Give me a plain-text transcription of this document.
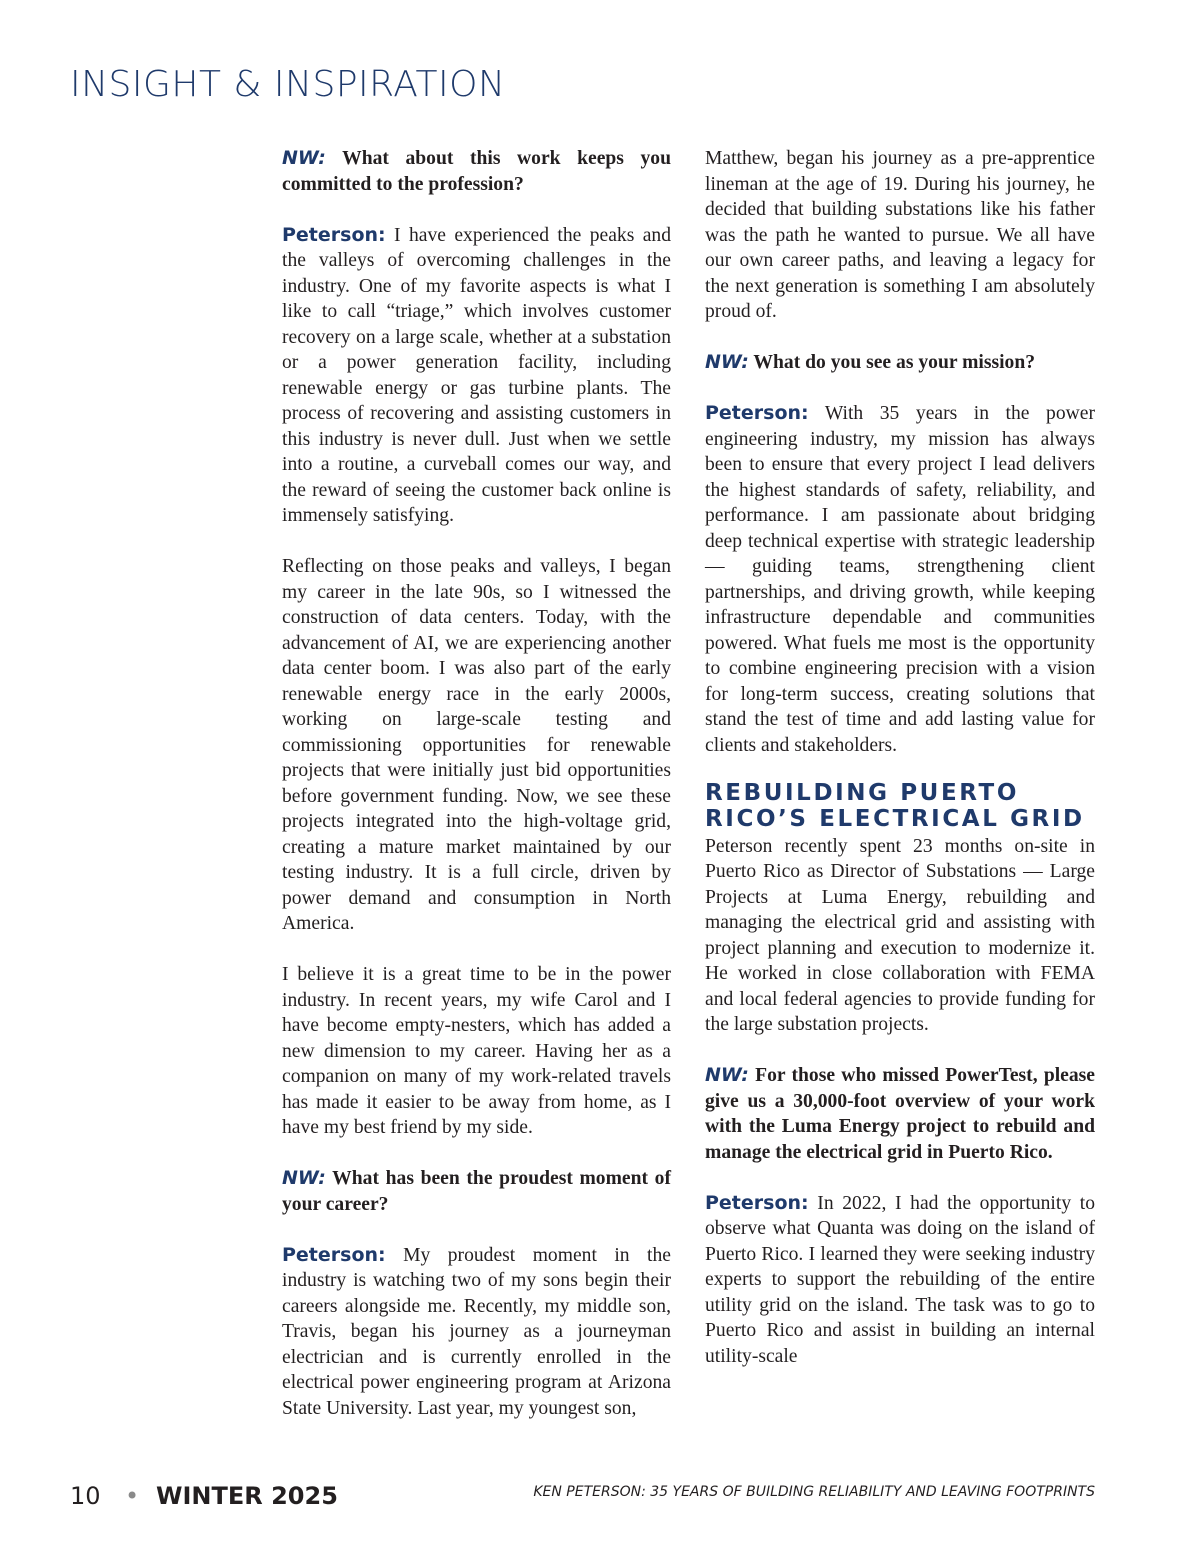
INSIGHT & INSPIRATION

NW: What about this work keeps you committed to the profession?

Peterson: I have experienced the peaks and the valleys of overcoming challenges in the industry. One of my favorite aspects is what I like to call “triage,” which involves customer recovery on a large scale, whether at a substation or a power generation facility, including renewable energy or gas turbine plants. The process of recovering and assisting customers in this industry is never dull. Just when we settle into a routine, a curveball comes our way, and the reward of seeing the customer back online is immensely satisfying.

Reflecting on those peaks and valleys, I began my career in the late 90s, so I witnessed the construction of data centers. Today, with the advancement of AI, we are experiencing another data center boom. I was also part of the early renewable energy race in the early 2000s, working on large-scale testing and commissioning opportunities for renewable projects that were initially just bid opportunities before government funding. Now, we see these projects integrated into the high-voltage grid, creating a mature market maintained by our testing industry. It is a full circle, driven by power demand and consumption in North America.

I believe it is a great time to be in the power industry. In recent years, my wife Carol and I have become empty-nesters, which has added a new dimension to my career. Having her as a companion on many of my work-related travels has made it easier to be away from home, as I have my best friend by my side.

NW: What has been the proudest moment of your career?

Peterson: My proudest moment in the industry is watching two of my sons begin their careers alongside me. Recently, my middle son, Travis, began his journey as a journeyman electrician and is currently enrolled in the electrical power engineering program at Arizona State University. Last year, my youngest son,

Matthew, began his journey as a pre-apprentice lineman at the age of 19. During his journey, he decided that building substations like his father was the path he wanted to pursue. We all have our own career paths, and leaving a legacy for the next generation is something I am absolutely proud of.

NW: What do you see as your mission?

Peterson: With 35 years in the power engineering industry, my mission has always been to ensure that every project I lead delivers the highest standards of safety, reliability, and performance. I am passionate about bridging deep technical expertise with strategic leadership — guiding teams, strengthening client partnerships, and driving growth, while keeping infrastructure dependable and communities powered. What fuels me most is the opportunity to combine engineering precision with a vision for long-term success, creating solutions that stand the test of time and add lasting value for clients and stakeholders.

REBUILDING PUERTO RICO’S ELECTRICAL GRID

Peterson recently spent 23 months on-site in Puerto Rico as Director of Substations — Large Projects at Luma Energy, rebuilding and managing the electrical grid and assisting with project planning and execution to modernize it. He worked in close collaboration with FEMA and local federal agencies to provide funding for the large substation projects.

NW: For those who missed PowerTest, please give us a 30,000-foot overview of your work with the Luma Energy project to rebuild and manage the electrical grid in Puerto Rico.

Peterson: In 2022, I had the opportunity to observe what Quanta was doing on the island of Puerto Rico. I learned they were seeking industry experts to support the rebuilding of the entire utility grid on the island. The task was to go to Puerto Rico and assist in building an internal utility-scale

10 • WINTER 2025	KEN PETERSON: 35 YEARS OF BUILDING RELIABILITY AND LEAVING FOOTPRINTS
